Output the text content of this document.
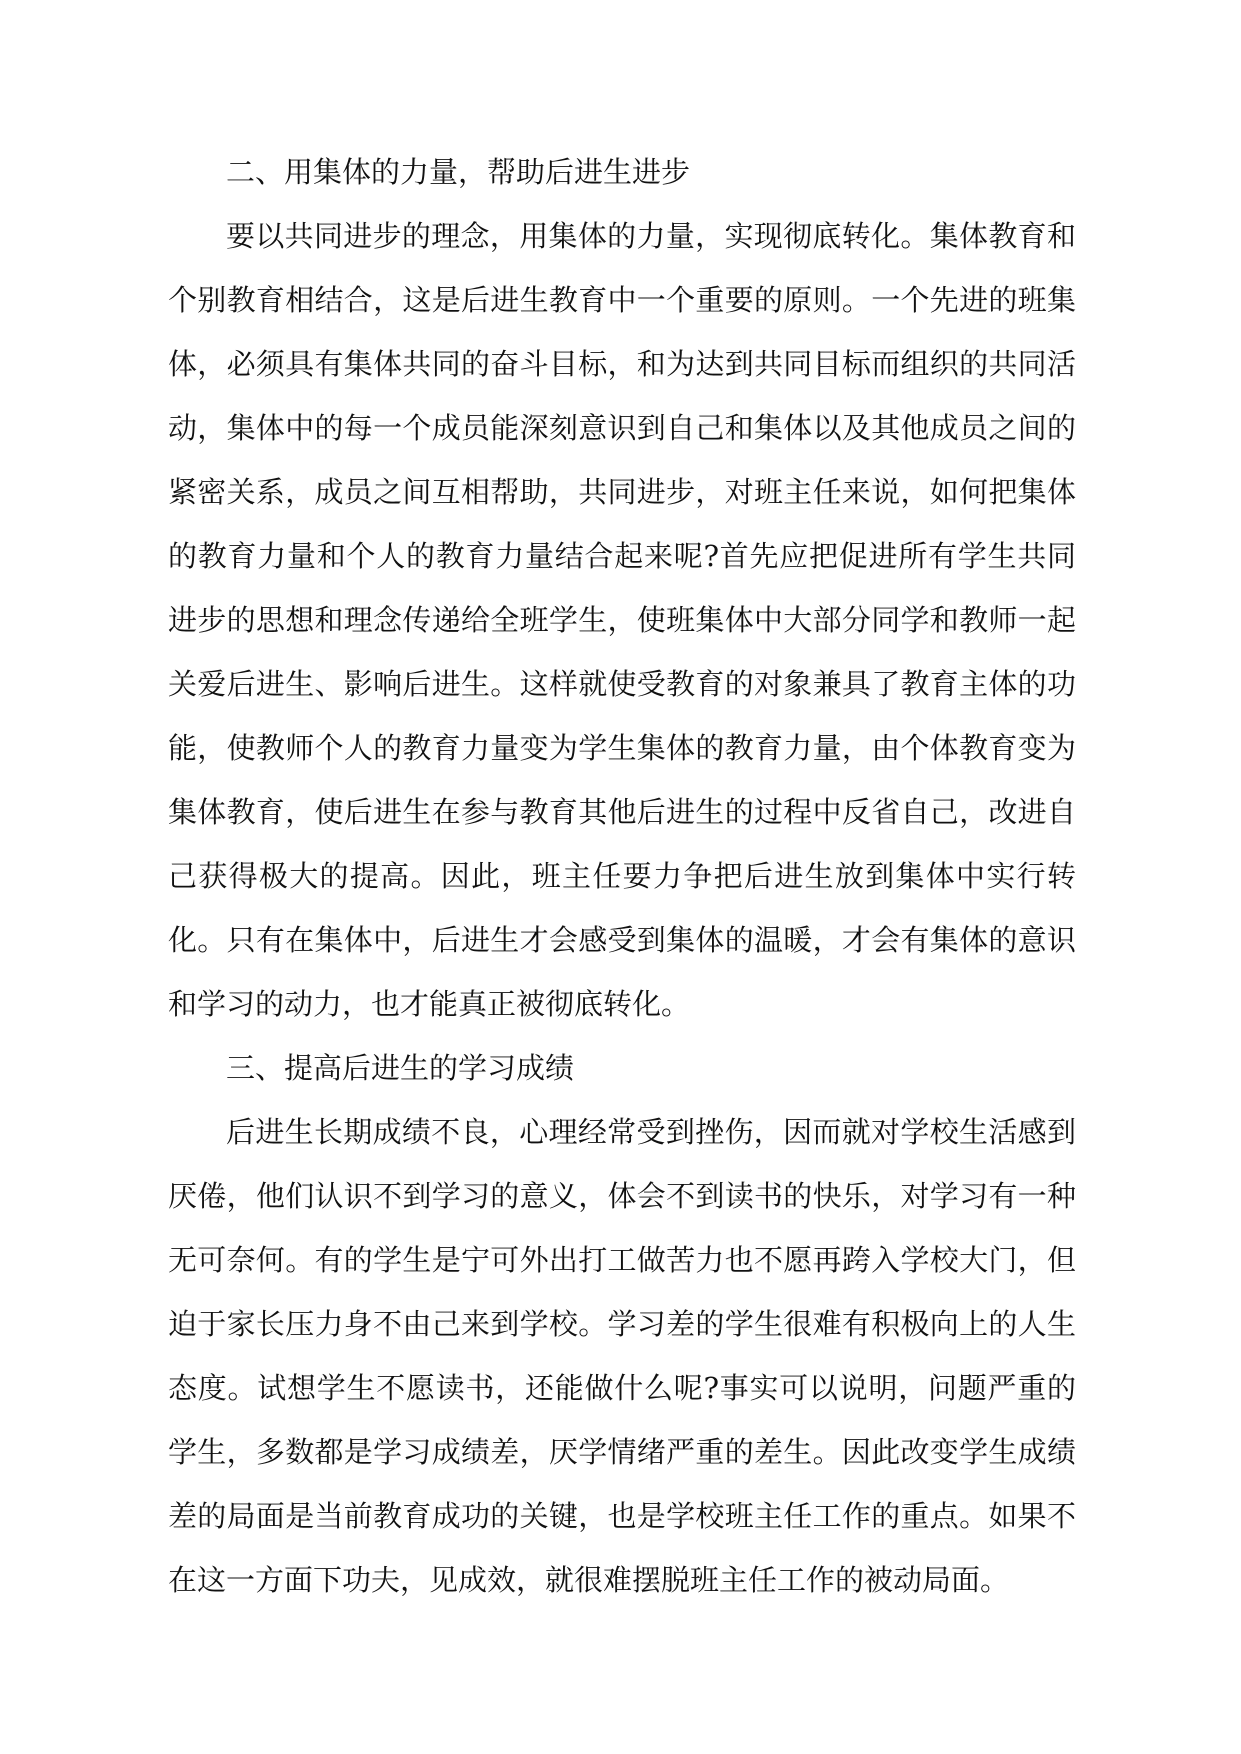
二、用集体的力量，帮助后进生进步

要以共同进步的理念，用集体的力量，实现彻底转化。集体教育和个别教育相结合，这是后进生教育中一个重要的原则。一个先进的班集体，必须具有集体共同的奋斗目标，和为达到共同目标而组织的共同活动，集体中的每一个成员能深刻意识到自己和集体以及其他成员之间的紧密关系，成员之间互相帮助，共同进步，对班主任来说，如何把集体的教育力量和个人的教育力量结合起来呢?首先应把促进所有学生共同进步的思想和理念传递给全班学生，使班集体中大部分同学和教师一起关爱后进生、影响后进生。这样就使受教育的对象兼具了教育主体的功能，使教师个人的教育力量变为学生集体的教育力量，由个体教育变为集体教育，使后进生在参与教育其他后进生的过程中反省自己，改进自己获得极大的提高。因此，班主任要力争把后进生放到集体中实行转化。只有在集体中，后进生才会感受到集体的温暖，才会有集体的意识和学习的动力，也才能真正被彻底转化。

三、提高后进生的学习成绩

后进生长期成绩不良，心理经常受到挫伤，因而就对学校生活感到厌倦，他们认识不到学习的意义，体会不到读书的快乐，对学习有一种无可奈何。有的学生是宁可外出打工做苦力也不愿再跨入学校大门，但迫于家长压力身不由己来到学校。学习差的学生很难有积极向上的人生态度。试想学生不愿读书，还能做什么呢?事实可以说明，问题严重的学生，多数都是学习成绩差，厌学情绪严重的差生。因此改变学生成绩差的局面是当前教育成功的关键，也是学校班主任工作的重点。如果不在这一方面下功夫，见成效，就很难摆脱班主任工作的被动局面。
